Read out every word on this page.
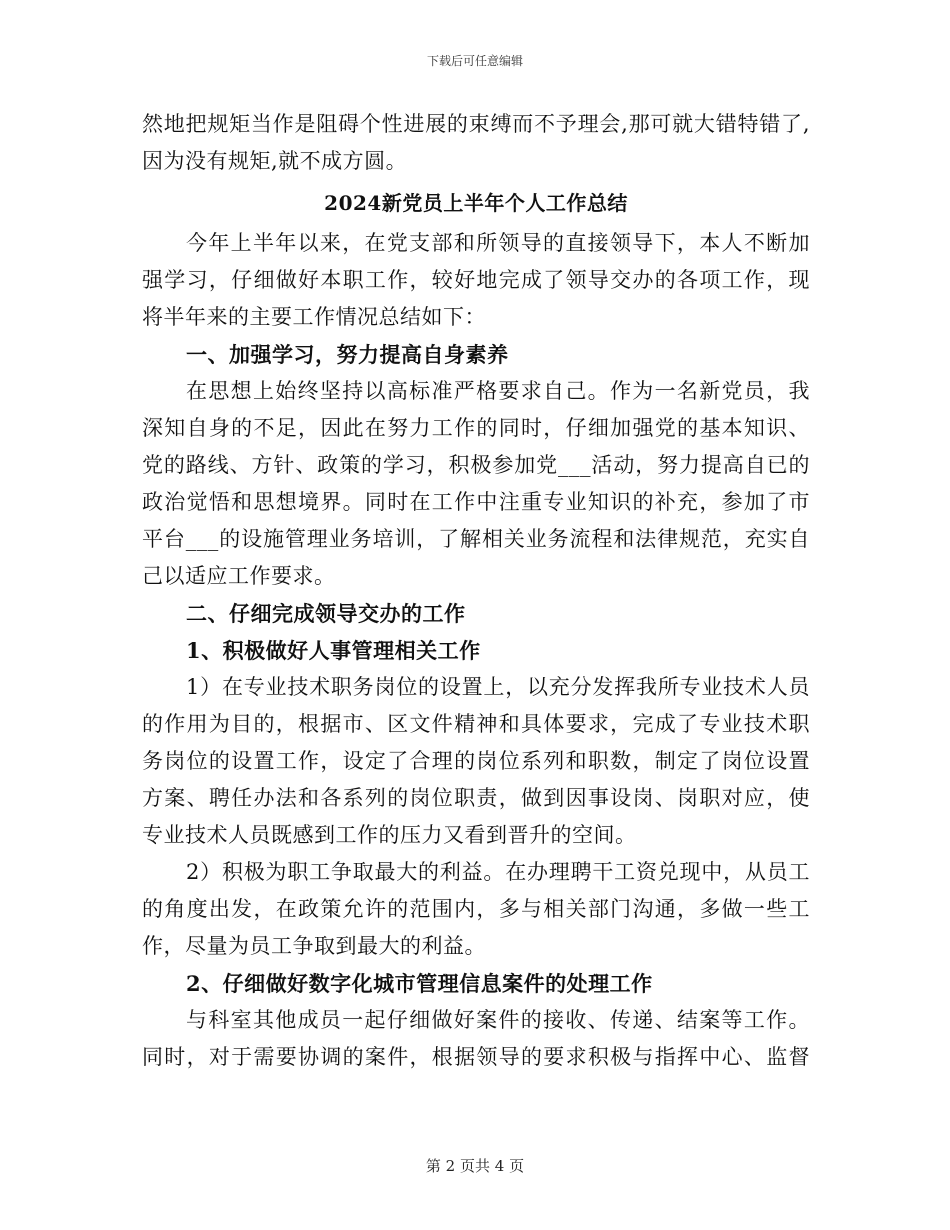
下载后可任意编辑
然地把规矩当作是阻碍个性进展的束缚而不予理会,那可就大错特错了,
因为没有规矩,就不成方圆。
2024新党员上半年个人工作总结
今年上半年以来，在党支部和所领导的直接领导下，本人不断加
强学习，仔细做好本职工作，较好地完成了领导交办的各项工作，现
将半年来的主要工作情况总结如下：
一、加强学习，努力提高自身素养
在思想上始终坚持以高标准严格要求自己。作为一名新党员，我
深知自身的不足，因此在努力工作的同时，仔细加强党的基本知识、
党的路线、方针、政策的学习，积极参加党___活动，努力提高自已的
政治觉悟和思想境界。同时在工作中注重专业知识的补充，参加了市
平台___的设施管理业务培训，了解相关业务流程和法律规范，充实自
己以适应工作要求。
二、仔细完成领导交办的工作
1、积极做好人事管理相关工作
1）在专业技术职务岗位的设置上，以充分发挥我所专业技术人员
的作用为目的，根据市、区文件精神和具体要求，完成了专业技术职
务岗位的设置工作，设定了合理的岗位系列和职数，制定了岗位设置
方案、聘任办法和各系列的岗位职责，做到因事设岗、岗职对应，使
专业技术人员既感到工作的压力又看到晋升的空间。
2）积极为职工争取最大的利益。在办理聘干工资兑现中，从员工
的角度出发，在政策允许的范围内，多与相关部门沟通，多做一些工
作，尽量为员工争取到最大的利益。
2、仔细做好数字化城市管理信息案件的处理工作
与科室其他成员一起仔细做好案件的接收、传递、结案等工作。
同时，对于需要协调的案件，根据领导的要求积极与指挥中心、监督
第 2 页共 4 页
